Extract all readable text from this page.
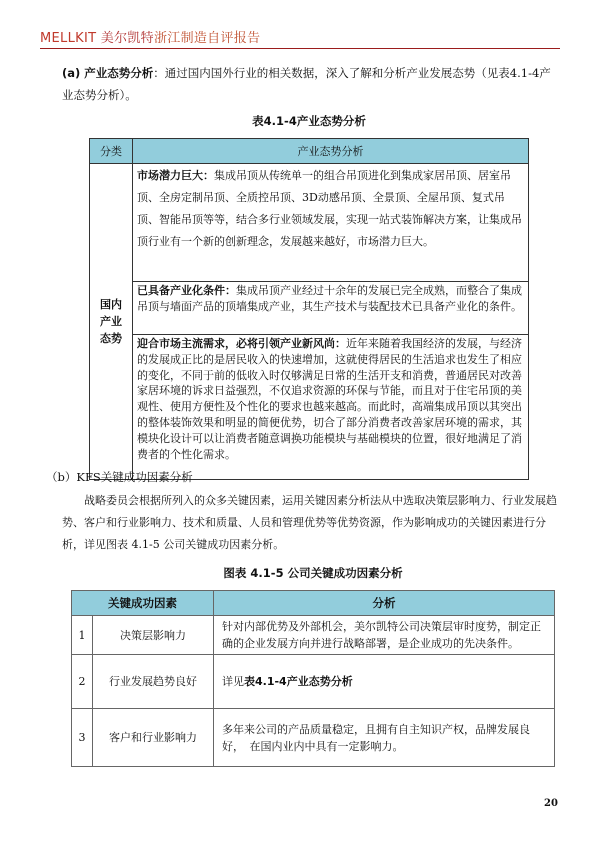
MELLKIT 美尔凯特浙江制造自评报告
(a) 产业态势分析：通过国内国外行业的相关数据，深入了解和分析产业发展态势（见表4.1-4产业态势分析）。
表4.1-4产业态势分析
分类	产业态势分析

国内产业态势	市场潜力巨大：集成吊顶从传统单一的组合吊顶进化到集成家居吊顶、居室吊顶、全房定制吊顶、全质控吊顶、3D动感吊顶、全景顶、全屋吊顶、复式吊顶、智能吊顶等等，结合多行业领域发展，实现一站式装饰解决方案，让集成吊顶行业有一个新的创新理念，发展越来越好，市场潜力巨大。
	已具备产业化条件：集成吊顶产业经过十余年的发展已完全成熟，而整合了集成吊顶与墙面产品的顶墙集成产业，其生产技术与装配技术已具备产业化的条件。
	迎合市场主流需求，必将引领产业新风尚：近年来随着我国经济的发展，与经济的发展成正比的是居民收入的快速增加，这就使得居民的生活追求也发生了相应的变化，不同于前的低收入时仅够满足日常的生活开支和消费，普通居民对改善家居环境的诉求日益强烈，不仅追求资源的环保与节能，而且对于住宅吊顶的美观性、使用方便性及个性化的要求也越来越高。而此时，高端集成吊顶以其突出的整体装饰效果和明显的简便优势，切合了部分消费者改善家居环境的需求，其模块化设计可以让消费者随意调换功能模块与基础模块的位置，很好地满足了消费者的个性化需求。
（b）KFS关键成功因素分析
战略委员会根据所列入的众多关键因素，运用关键因素分析法从中选取决策层影响力、行业发展趋势、客户和行业影响力、技术和质量、人员和管理优势等优势资源，作为影响成功的关键因素进行分析，详见图表 4.1-5 公司关键成功因素分析。
图表 4.1-5 公司关键成功因素分析
关键成功因素		分析
1	决策层影响力	针对内部优势及外部机会，美尔凯特公司决策层审时度势，制定正确的企业发展方向并进行战略部署，是企业成功的先决条件。
2	行业发展趋势良好	详见表4.1-4产业态势分析
3	客户和行业影响力	多年来公司的产品质量稳定，且拥有自主知识产权，品牌发展良好，　在国内业内中具有一定影响力。
20
